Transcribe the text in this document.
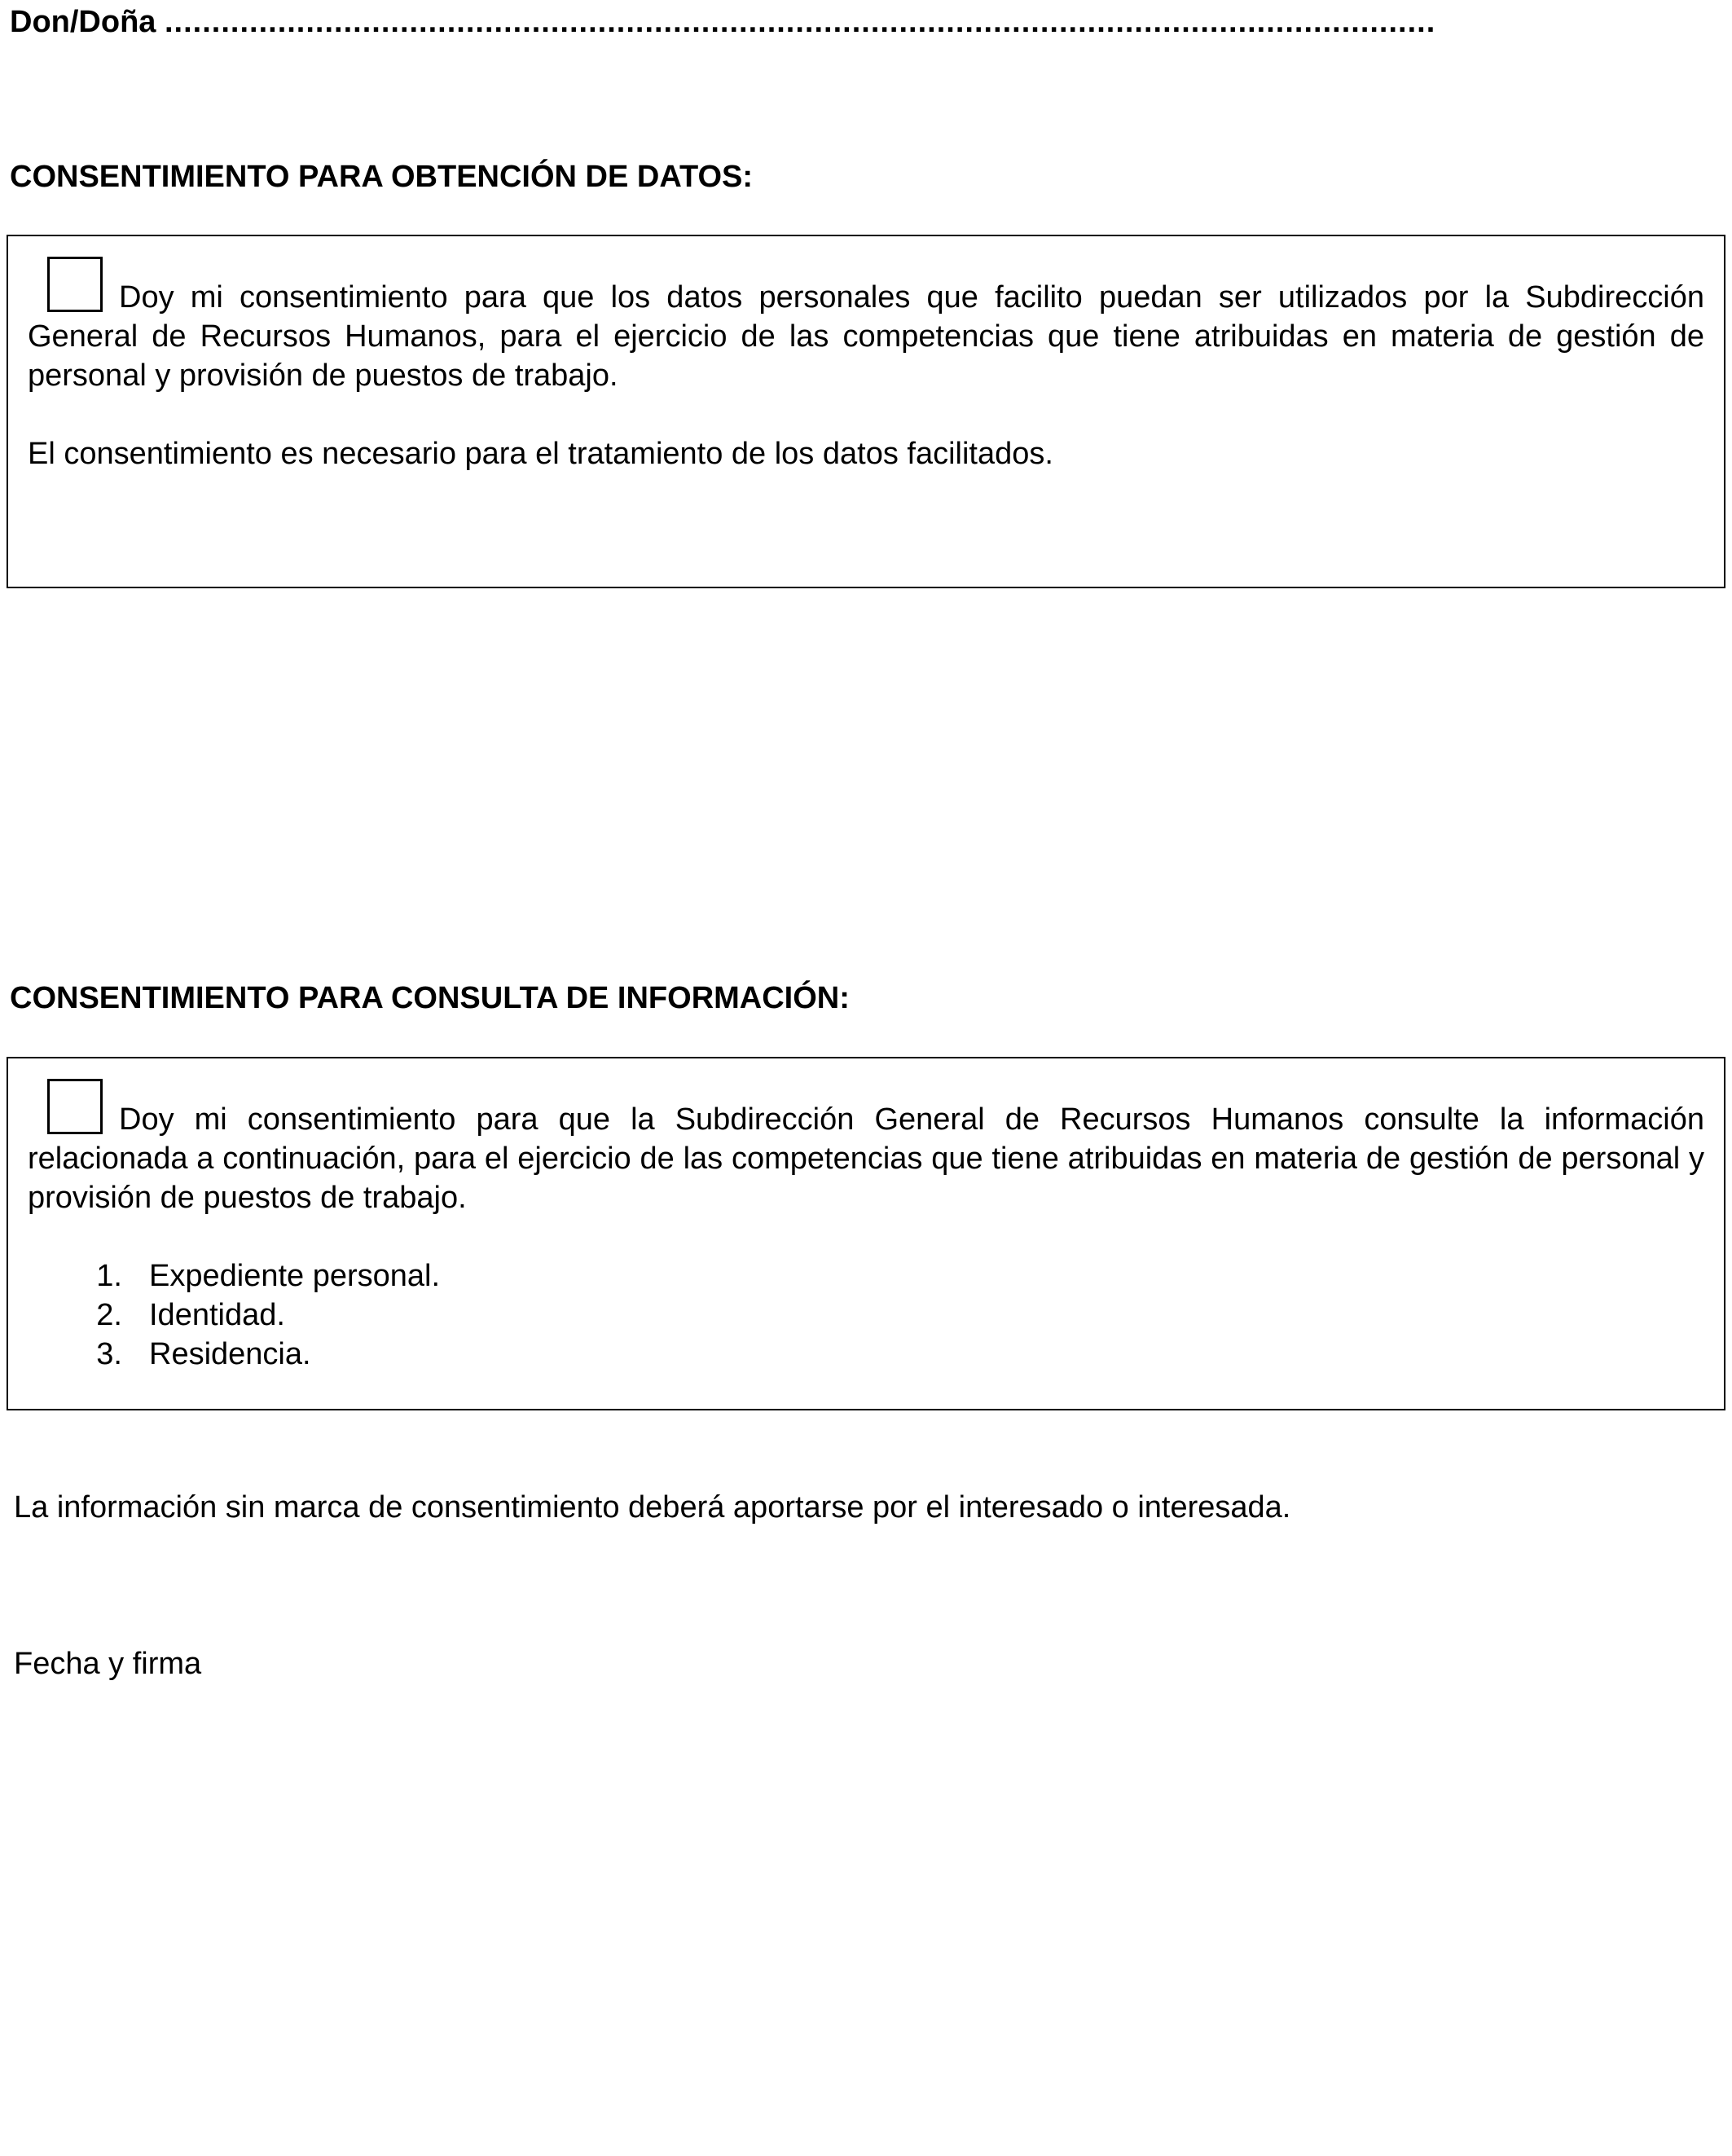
Don/Doña .......................................................................................................................................
CONSENTIMIENTO PARA OBTENCIÓN DE DATOS:

Doy mi consentimiento para que los datos personales que facilito puedan ser utilizados por la Subdirección General de Recursos Humanos, para el ejercicio de las competencias que tiene atribuidas en materia de gestión de personal y provisión de puestos de trabajo.

El consentimiento es necesario para el tratamiento de los datos facilitados.

CONSENTIMIENTO PARA CONSULTA DE INFORMACIÓN:

Doy mi consentimiento para que la Subdirección General de Recursos Humanos consulte la información relacionada a continuación, para el ejercicio de las competencias que tiene atribuidas en materia de gestión de personal y provisión de puestos de trabajo.

1. Expediente personal.
2. Identidad.
3. Residencia.
La información sin marca de consentimiento deberá aportarse por el interesado o interesada.
Fecha y firma
